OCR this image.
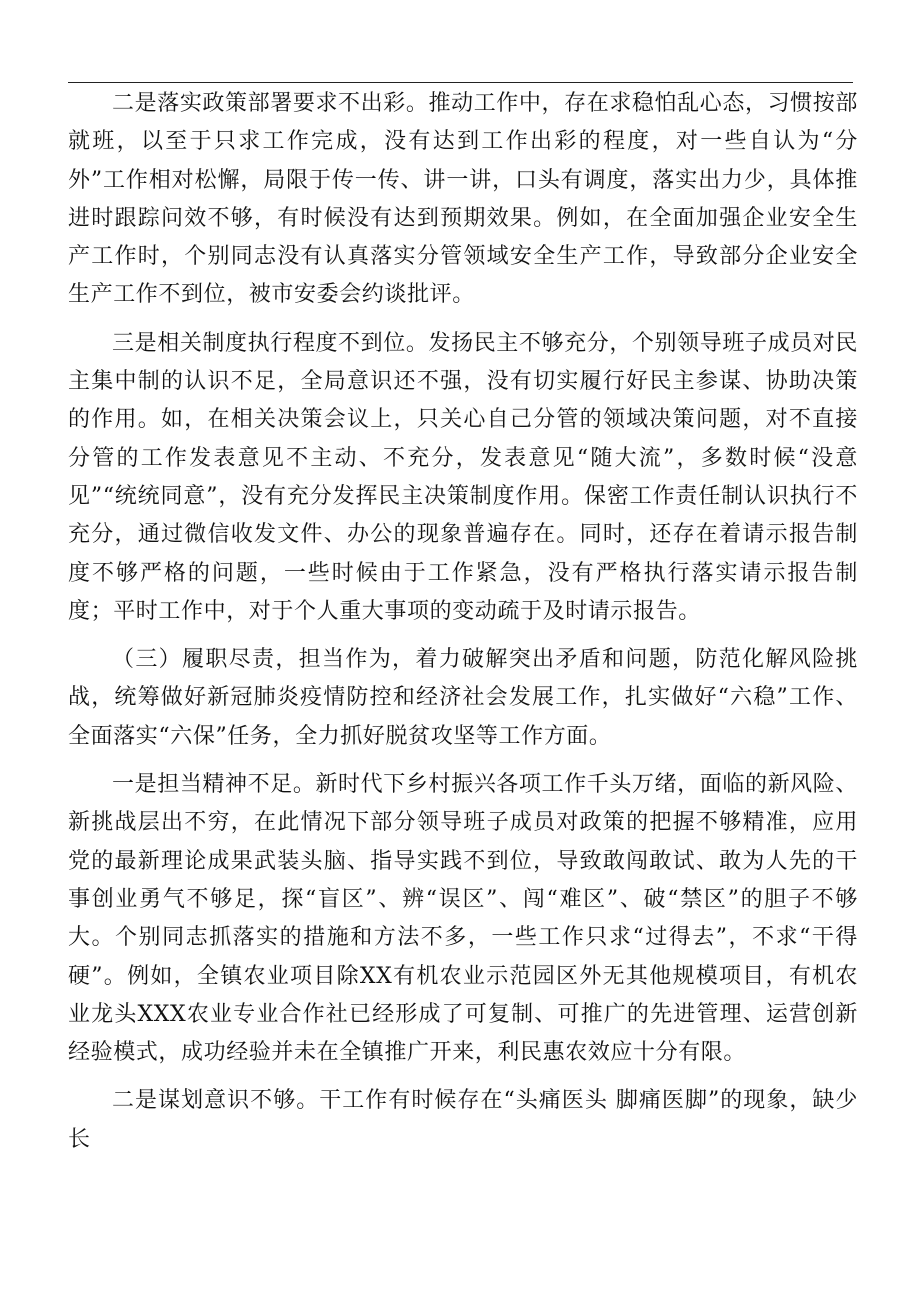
二是落实政策部署要求不出彩。推动工作中，存在求稳怕乱心态，习惯按部就班，以至于只求工作完成，没有达到工作出彩的程度，对一些自认为“分外”工作相对松懈，局限于传一传、讲一讲，口头有调度，落实出力少，具体推进时跟踪问效不够，有时候没有达到预期效果。例如，在全面加强企业安全生产工作时，个别同志没有认真落实分管领域安全生产工作，导致部分企业安全生产工作不到位，被市安委会约谈批评。

三是相关制度执行程度不到位。发扬民主不够充分，个别领导班子成员对民主集中制的认识不足，全局意识还不强，没有切实履行好民主参谋、协助决策的作用。如，在相关决策会议上，只关心自己分管的领域决策问题，对不直接分管的工作发表意见不主动、不充分，发表意见“随大流”，多数时候“没意见”“统统同意”，没有充分发挥民主决策制度作用。保密工作责任制认识执行不充分，通过微信收发文件、办公的现象普遍存在。同时，还存在着请示报告制度不够严格的问题，一些时候由于工作紧急，没有严格执行落实请示报告制度；平时工作中，对于个人重大事项的变动疏于及时请示报告。

（三）履职尽责，担当作为，着力破解突出矛盾和问题，防范化解风险挑战，统筹做好新冠肺炎疫情防控和经济社会发展工作，扎实做好“六稳”工作、全面落实“六保”任务，全力抓好脱贫攻坚等工作方面。

一是担当精神不足。新时代下乡村振兴各项工作千头万绪，面临的新风险、新挑战层出不穷，在此情况下部分领导班子成员对政策的把握不够精准，应用党的最新理论成果武装头脑、指导实践不到位，导致敢闯敢试、敢为人先的干事创业勇气不够足，探“盲区”、辨“误区”、闯“难区”、破“禁区”的胆子不够大。个别同志抓落实的措施和方法不多，一些工作只求“过得去”，不求“干得硬”。例如，全镇农业项目除XX有机农业示范园区外无其他规模项目，有机农业龙头XXX农业专业合作社已经形成了可复制、可推广的先进管理、运营创新经验模式，成功经验并未在全镇推广开来，利民惠农效应十分有限。

二是谋划意识不够。干工作有时候存在“头痛医头 脚痛医脚”的现象，缺少长
